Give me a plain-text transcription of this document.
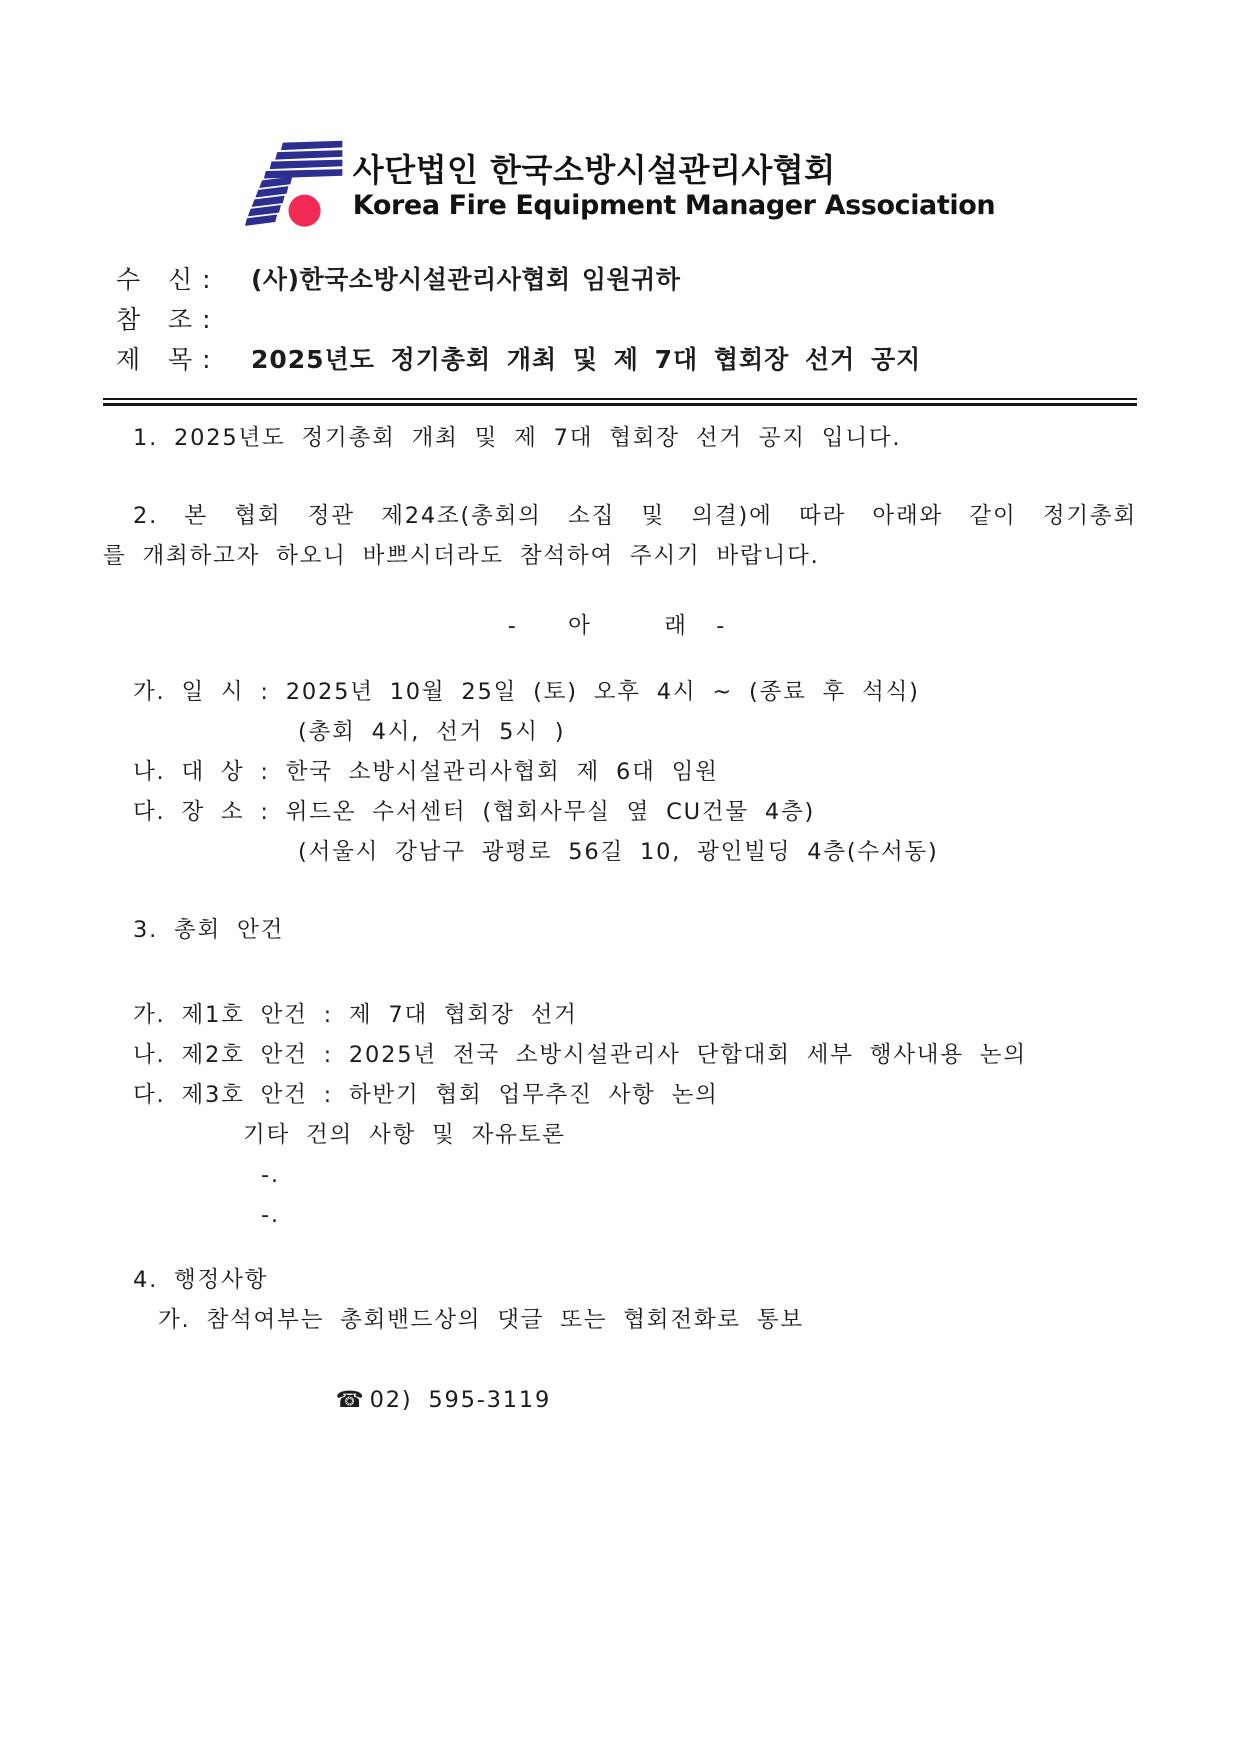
사단법인 한국소방시설관리사협회
Korea Fire Equipment Manager Association
수   신 :	(사)한국소방시설관리사협회 임원귀하
참   조 :
제   목 :	2025년도 정기총회 개최 및 제 7대 협회장 선거 공지
1. 2025년도 정기총회 개최 및 제 7대 협회장 선거 공지 입니다.
2. 본 협회 정관 제24조(총회의 소집 및 의결)에 따라 아래와 같이 정기총회
를 개최하고자 하오니 바쁘시더라도 참석하여 주시기 바랍니다.
-  아   래 -
가. 일 시 : 2025년 10월 25일 (토) 오후 4시 ~ (종료 후 석식)
(총회 4시, 선거 5시 )
나. 대 상 : 한국 소방시설관리사협회 제 6대 임원
다. 장 소 : 위드온 수서센터 (협회사무실 옆 CU건물 4층)
(서울시 강남구 광평로 56길 10, 광인빌딩 4층(수서동)
3. 총회 안건
가. 제1호 안건 : 제 7대 협회장 선거
나. 제2호 안건 : 2025년 전국 소방시설관리사 단합대회 세부 행사내용 논의
다. 제3호 안건 : 하반기 협회 업무추진 사항 논의
기타 건의 사항 및 자유토론
-.
-.
4. 행정사항
가. 참석여부는 총회밴드상의 댓글 또는 협회전화로 통보

☎ 02) 595-3119
